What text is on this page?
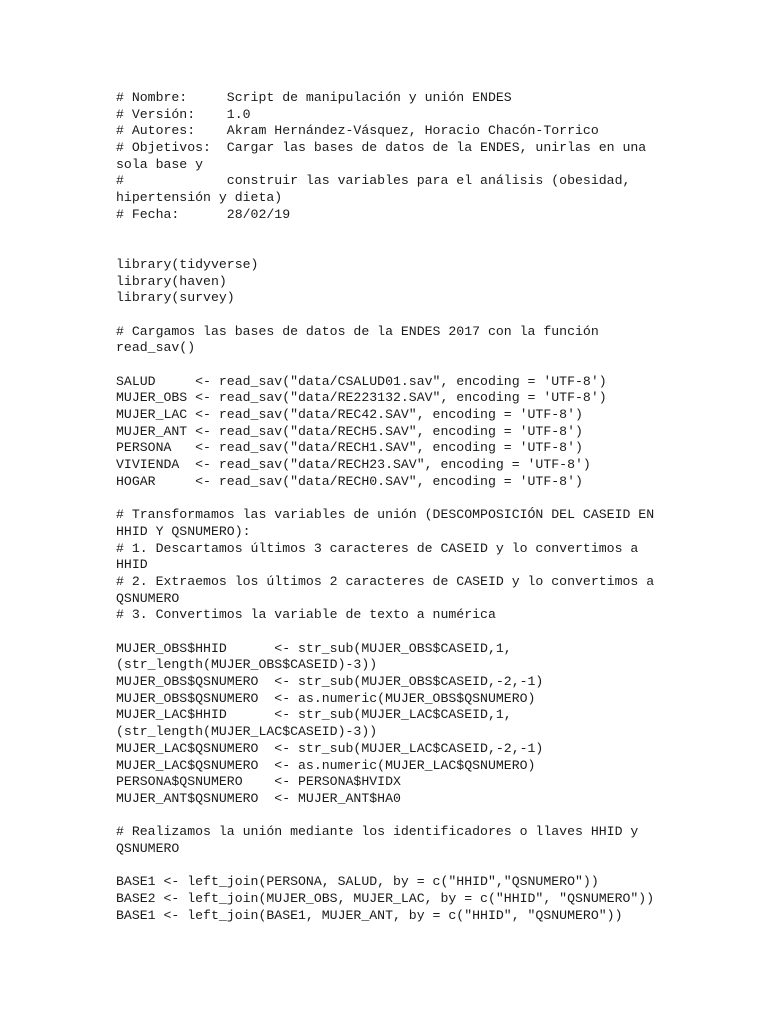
# Nombre:     Script de manipulación y unión ENDES
# Versión:    1.0
# Autores:    Akram Hernández-Vásquez, Horacio Chacón-Torrico
# Objetivos:  Cargar las bases de datos de la ENDES, unirlas en una
sola base y
#             construir las variables para el análisis (obesidad,
hipertensión y dieta)
# Fecha:      28/02/19

library(tidyverse)
library(haven)
library(survey)

# Cargamos las bases de datos de la ENDES 2017 con la función
read_sav()

SALUD     <- read_sav("data/CSALUD01.sav", encoding = 'UTF-8')
MUJER_OBS <- read_sav("data/RE223132.SAV", encoding = 'UTF-8')
MUJER_LAC <- read_sav("data/REC42.SAV", encoding = 'UTF-8')
MUJER_ANT <- read_sav("data/RECH5.SAV", encoding = 'UTF-8')
PERSONA   <- read_sav("data/RECH1.SAV", encoding = 'UTF-8')
VIVIENDA  <- read_sav("data/RECH23.SAV", encoding = 'UTF-8')
HOGAR     <- read_sav("data/RECH0.SAV", encoding = 'UTF-8')

# Transformamos las variables de unión (DESCOMPOSICIÓN DEL CASEID EN
HHID Y QSNUMERO):
# 1. Descartamos últimos 3 caracteres de CASEID y lo convertimos a
HHID
# 2. Extraemos los últimos 2 caracteres de CASEID y lo convertimos a
QSNUMERO
# 3. Convertimos la variable de texto a numérica

MUJER_OBS$HHID      <- str_sub(MUJER_OBS$CASEID,1,
(str_length(MUJER_OBS$CASEID)-3))
MUJER_OBS$QSNUMERO  <- str_sub(MUJER_OBS$CASEID,-2,-1)
MUJER_OBS$QSNUMERO  <- as.numeric(MUJER_OBS$QSNUMERO)
MUJER_LAC$HHID      <- str_sub(MUJER_LAC$CASEID,1,
(str_length(MUJER_LAC$CASEID)-3))
MUJER_LAC$QSNUMERO  <- str_sub(MUJER_LAC$CASEID,-2,-1)
MUJER_LAC$QSNUMERO  <- as.numeric(MUJER_LAC$QSNUMERO)
PERSONA$QSNUMERO    <- PERSONA$HVIDX
MUJER_ANT$QSNUMERO  <- MUJER_ANT$HA0

# Realizamos la unión mediante los identificadores o llaves HHID y
QSNUMERO

BASE1 <- left_join(PERSONA, SALUD, by = c("HHID","QSNUMERO"))
BASE2 <- left_join(MUJER_OBS, MUJER_LAC, by = c("HHID", "QSNUMERO"))
BASE1 <- left_join(BASE1, MUJER_ANT, by = c("HHID", "QSNUMERO"))
